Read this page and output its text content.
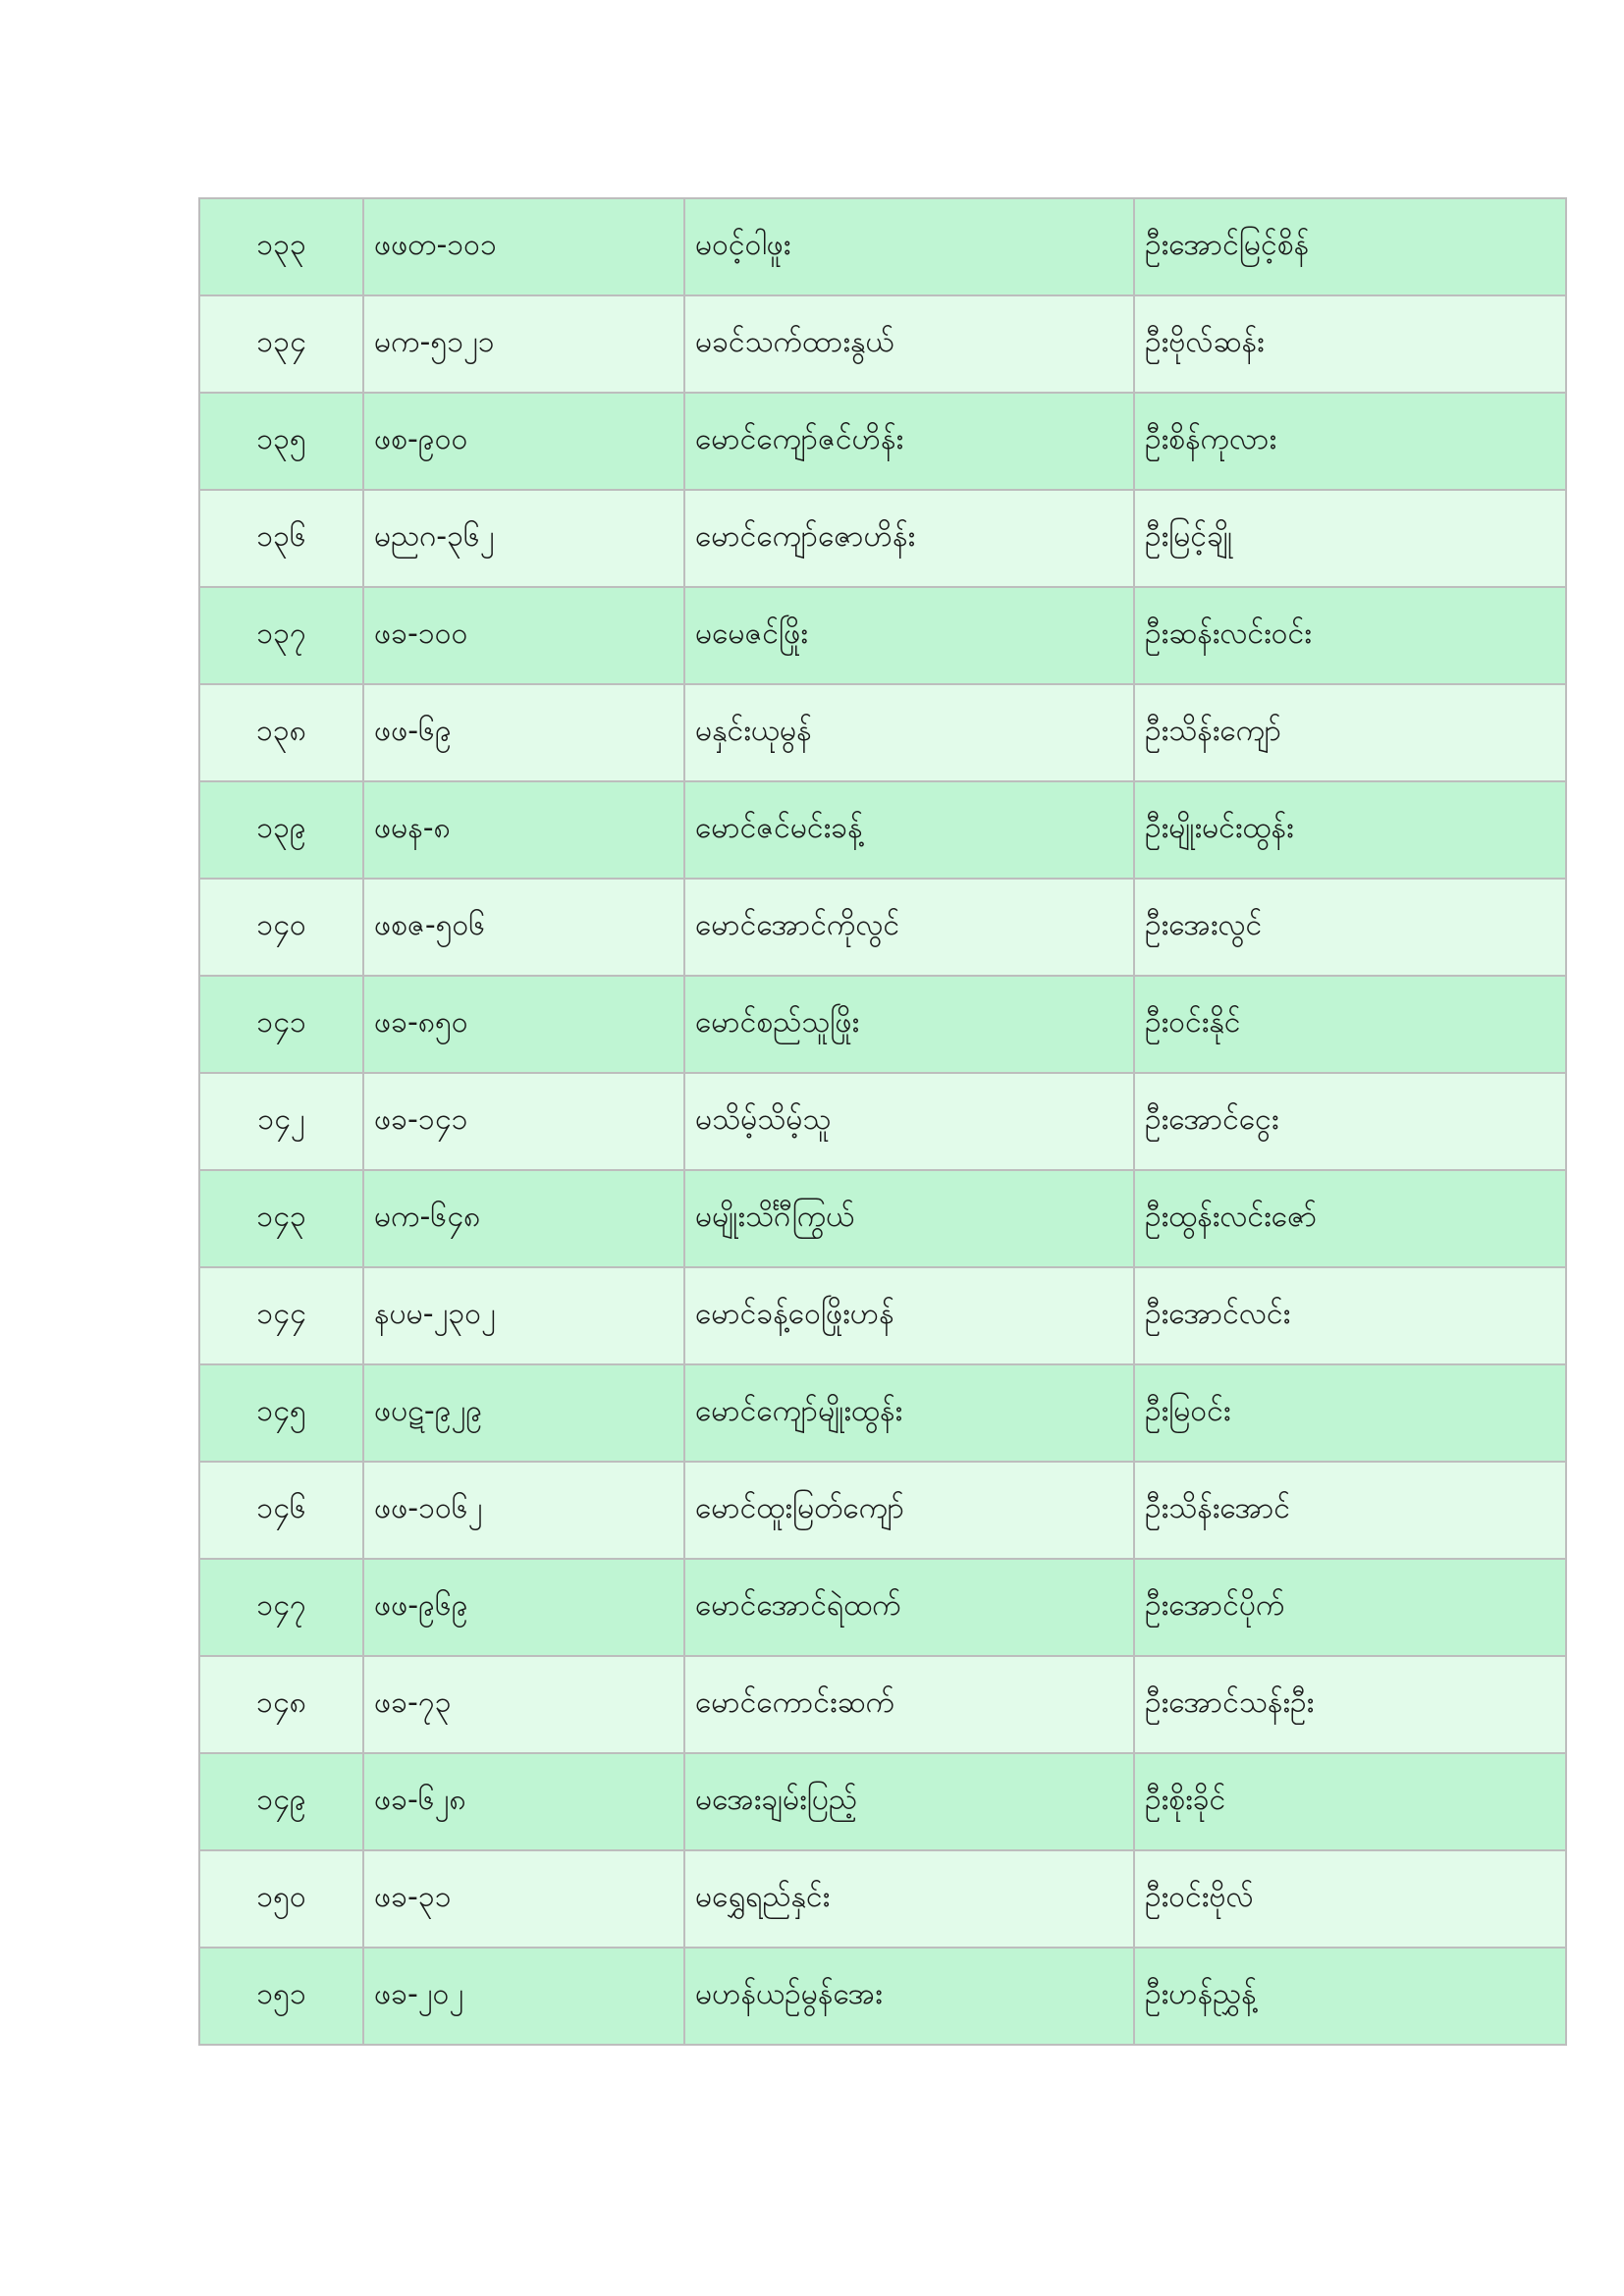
၁၃၃	ဖဖတ-၁၀၁	မဝင့်ဝါဖူး	ဦးအောင်မြင့်စိန်
၁၃၄	မက-၅၁၂၁	မခင်သက်ထားနွယ်	ဦးဗိုလ်ဆန်း
၁၃၅	ဖစ-၉၀၀	မောင်ကျော်ဇင်ဟိန်း	ဦးစိန်ကုလား
၁၃၆	မညဂ-၃၆၂	မောင်ကျော်ဇောဟိန်း	ဦးမြင့်ချို
၁၃၇	ဖခ-၁၀၀	မမေဇင်ဖြိုး	ဦးဆန်းလင်းဝင်း
၁၃၈	ဖဖ-၆၉	မနှင်းယုမွန်	ဦးသိန်းကျော်
၁၃၉	ဖမန-၈	မောင်ဇင်မင်းခန့်	ဦးမျိုးမင်းထွန်း
၁၄၀	ဖစဇ-၅၀၆	မောင်အောင်ကိုလွင်	ဦးအေးလွင်
၁၄၁	ဖခ-၈၅၀	မောင်စည်သူဖြိုး	ဦးဝင်းနိုင်
၁၄၂	ဖခ-၁၄၁	မသိမ့်သိမ့်သူ	ဦးအောင်ငွေး
၁၄၃	မက-၆၄၈	မမျိုးသိင်္ဂီကြွယ်	ဦးထွန်းလင်းဇော်
၁၄၄	နပမ-၂၃၀၂	မောင်ခန့်ဝေဖြိုးဟန်	ဦးအောင်လင်း
၁၄၅	ဖပဋ-၉၂၉	မောင်ကျော်မျိုးထွန်း	ဦးမြဝင်း
၁၄၆	ဖဖ-၁၀၆၂	မောင်ထူးမြတ်ကျော်	ဦးသိန်းအောင်
၁၄၇	ဖဖ-၉၆၉	မောင်အောင်ရဲထက်	ဦးအောင်ပိုက်
၁၄၈	ဖခ-၇၃	မောင်ကောင်းဆက်	ဦးအောင်သန်းဦး
၁၄၉	ဖခ-၆၂၈	မအေးချမ်းပြည့်	ဦးစိုးခိုင်
၁၅၀	ဖခ-၃၁	မရွှေရည်နှင်း	ဦးဝင်းဗိုလ်
၁၅၁	ဖခ-၂၀၂	မဟန်ယဉ်မွန်အေး	ဦးဟန်ညွှန့်
